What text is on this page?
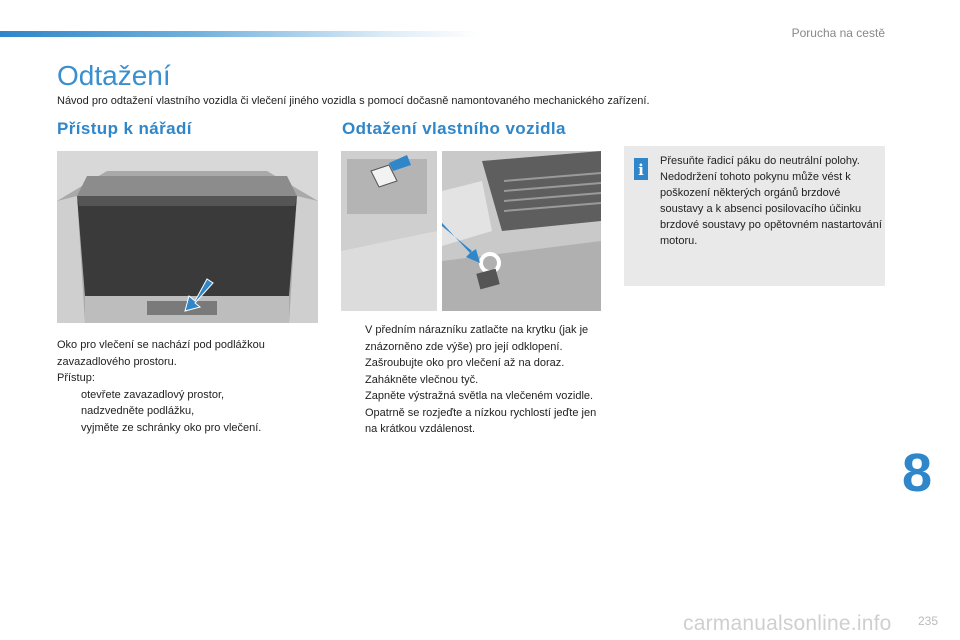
Porucha na cestě
Odtažení

Návod pro odtažení vlastního vozidla či vlečení jiného vozidla s pomocí dočasně namontovaného mechanického zařízení.

Přístup k nářadí	Odtažení vlastního vozidla
Oko pro vlečení se nachází pod podlážkou zavazadlového prostoru.
Přístup:
otevřete zavazadlový prostor,
nadzvedněte podlážku,
vyjměte ze schránky oko pro vlečení.
V předním nárazníku zatlačte na krytku (jak je znázorněno zde výše) pro její odklopení.
Zašroubujte oko pro vlečení až na doraz.
Zahákněte vlečnou tyč.
Zapněte výstražná světla na vlečeném vozidle.
Opatrně se rozjeďte a nízkou rychlostí jeďte jen na krátkou vzdálenost.
i	Přesuňte řadicí páku do neutrální polohy.
Nedodržení tohoto pokynu může vést k poškození některých orgánů brzdové soustavy a k absenci posilovacího účinku brzdové soustavy po opětovném nastartování motoru.
8
235
carmanualsonline.info
